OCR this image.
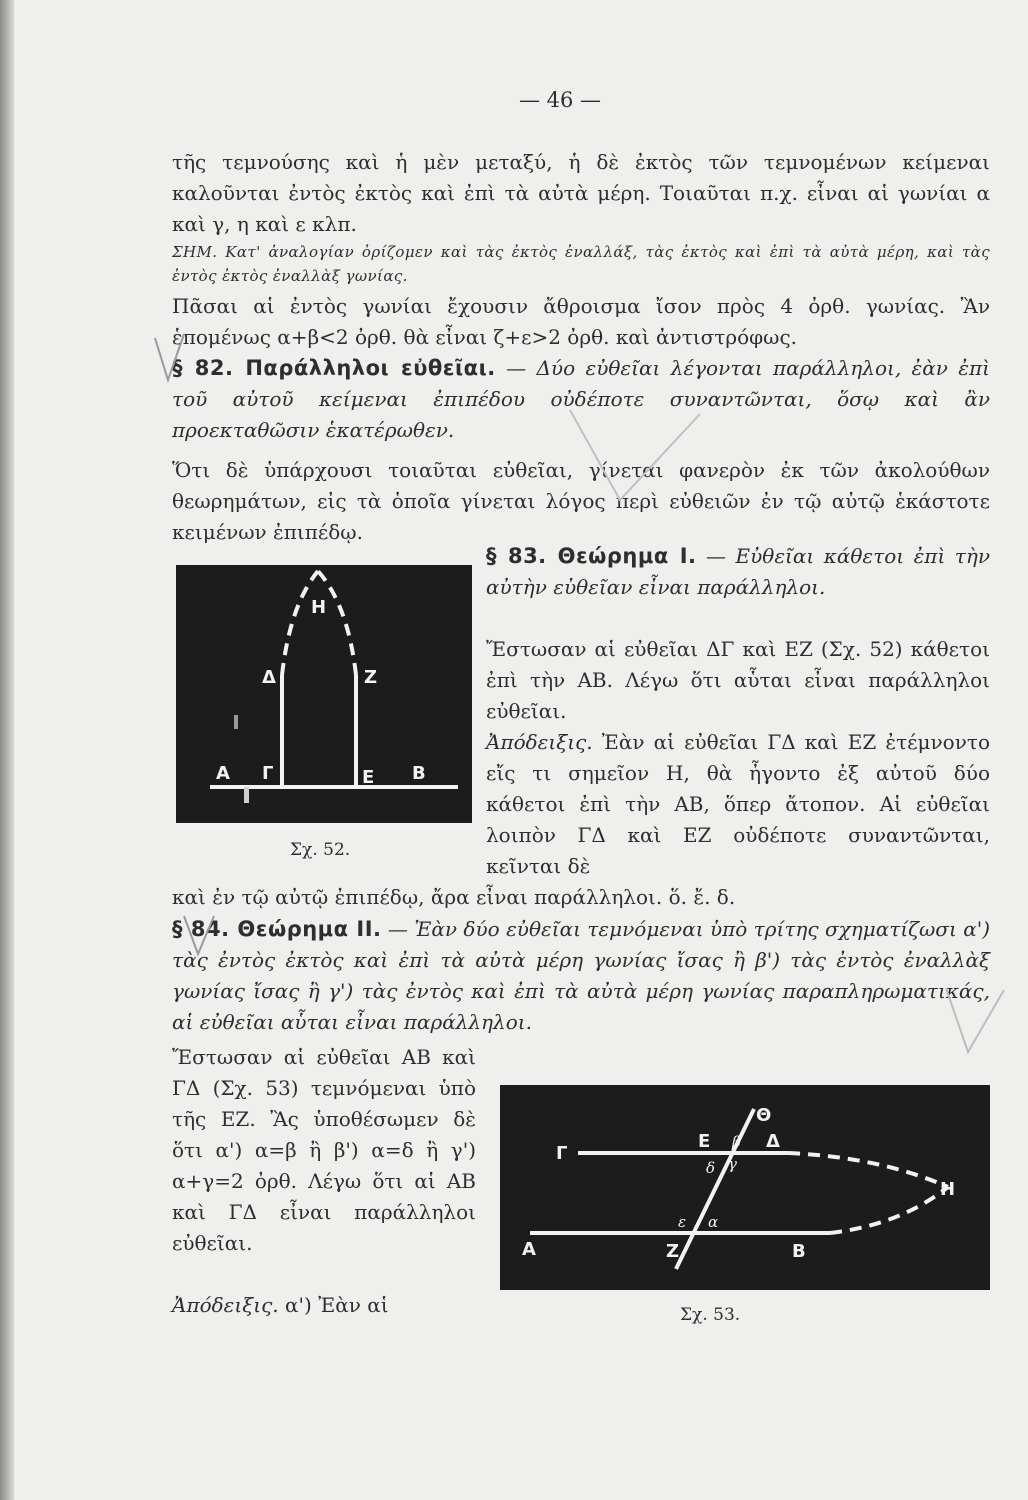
— 46 —

τῆς τεμνούσης καὶ ἡ μὲν μεταξύ, ἡ δὲ ἐκτὸς τῶν τεμνομένων κείμεναι καλοῦνται ἐντὸς ἐκτὸς καὶ ἐπὶ τὰ αὐτὰ μέρη. Τοιαῦται π.χ. εἶναι αἱ γωνίαι α καὶ γ, η καὶ ε κλπ.

ΣΗΜ. Κατ' ἀναλογίαν ὁρίζομεν καὶ τὰς ἐκτὸς ἐναλλάξ, τὰς ἐκτὸς καὶ ἐπὶ τὰ αὐτὰ μέρη, καὶ τὰς ἐντὸς ἐκτὸς ἐναλλὰξ γωνίας.

Πᾶσαι αἱ ἐντὸς γωνίαι ἔχουσιν ἄθροισμα ἴσον πρὸς 4 ὀρθ. γωνίας. Ἂν ἑπομένως α+β<2 ὀρθ. θὰ εἶναι ζ+ε>2 ὀρθ. καὶ ἀντιστρόφως.

§ 82. Παράλληλοι εὐθεῖαι. — Δύο εὐθεῖαι λέγονται παράλληλοι, ἐὰν ἐπὶ τοῦ αὐτοῦ κείμεναι ἐπιπέδου οὐδέποτε συναντῶνται, ὅσῳ καὶ ἂν προεκταθῶσιν ἑκατέρωθεν.

Ὅτι δὲ ὑπάρχουσι τοιαῦται εὐθεῖαι, γίνεται φανερὸν ἐκ τῶν ἀκολούθων θεωρημάτων, εἰς τὰ ὁποῖα γίνεται λόγος περὶ εὐθειῶν ἐν τῷ αὐτῷ ἑκάστοτε κειμένων ἐπιπέδῳ.

Η
Δ	Ζ
Α Γ	Ε Β
Σχ. 52.

§ 83. Θεώρημα I. — Εὐθεῖαι κάθετοι ἐπὶ τὴν αὐτὴν εὐθεῖαν εἶναι παράλληλοι.

Ἔστωσαν αἱ εὐθεῖαι ΔΓ καὶ ΕΖ (Σχ. 52) κάθετοι ἐπὶ τὴν ΑΒ. Λέγω ὅτι αὗται εἶναι παράλληλοι εὐθεῖαι.

Ἀπόδειξις. Ἐὰν αἱ εὐθεῖαι ΓΔ καὶ ΕΖ ἐτέμνοντο εἴς τι σημεῖον Η, θὰ ἦγοντο ἐξ αὐτοῦ δύο κάθετοι ἐπὶ τὴν ΑΒ, ὅπερ ἄτοπον. Αἱ εὐθεῖαι λοιπὸν ΓΔ καὶ ΕΖ οὐδέποτε συναντῶνται, κεῖνται δὲ

καὶ ἐν τῷ αὐτῷ ἐπιπέδῳ, ἄρα εἶναι παράλληλοι. ὅ. ἔ. δ.

§ 84. Θεώρημα II. — Ἐὰν δύο εὐθεῖαι τεμνόμεναι ὑπὸ τρίτης σχηματίζωσι α') τὰς ἐντὸς ἐκτὸς καὶ ἐπὶ τὰ αὐτὰ μέρη γωνίας ἴσας ἢ β') τὰς ἐντὸς ἐναλλὰξ γωνίας ἴσας ἢ γ') τὰς ἐντὸς καὶ ἐπὶ τὰ αὐτὰ μέρη γωνίας παραπληρωματικάς, αἱ εὐθεῖαι αὗται εἶναι παράλληλοι.

Ἔστωσαν αἱ εὐθεῖαι ΑΒ καὶ ΓΔ (Σχ. 53) τεμνόμεναι ὑπὸ τῆς ΕΖ. Ἂς ὑποθέσωμεν δὲ ὅτι α') α=β ἢ β') α=δ ἢ γ') α+γ=2 ὀρθ. Λέγω ὅτι αἱ ΑΒ καὶ ΓΔ εἶναι παράλληλοι εὐθεῖαι.

Ἀπόδειξις. α') Ἐὰν αἱ

Θ
Γ
Ε β Δ
δ γ
Η
ε α
Α	Ζ	Β
Σχ. 53.
